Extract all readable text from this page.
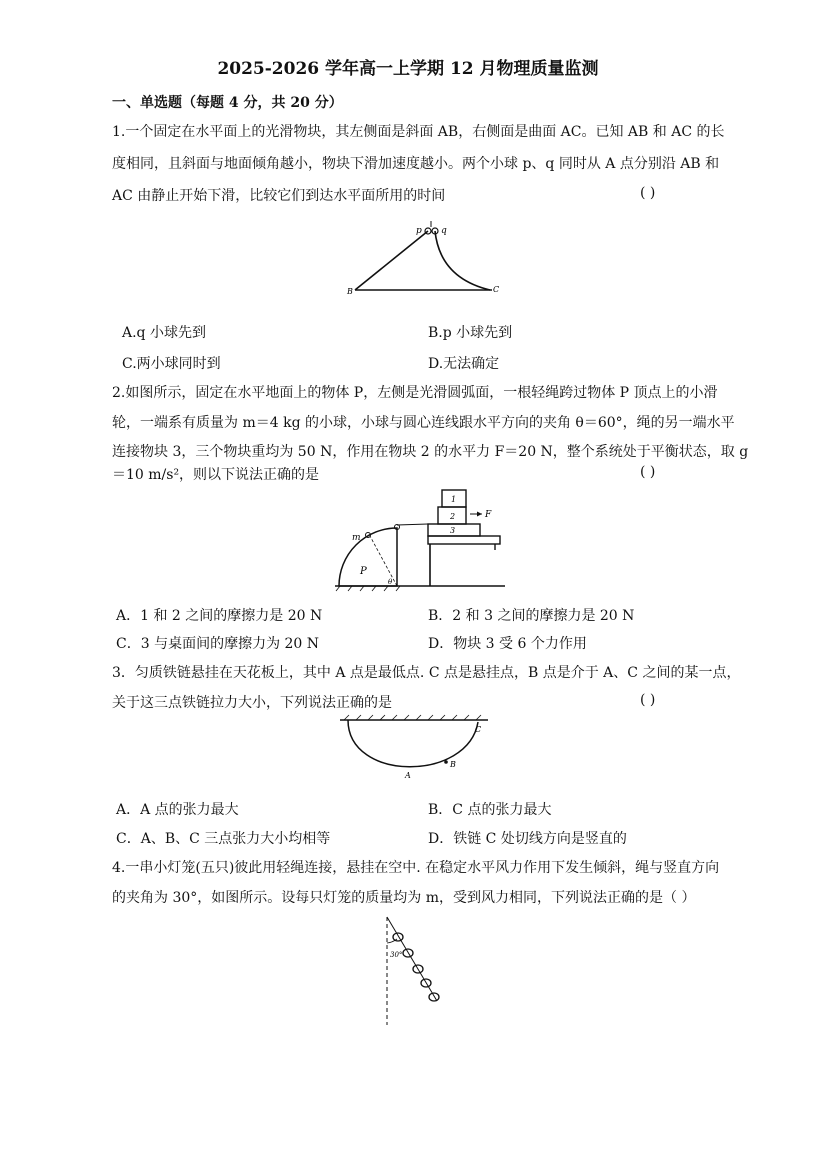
2025-2026 学年高一上学期 12 月物理质量监测
一、单选题（每题 4 分，共 20 分）
1.一个固定在水平面上的光滑物块，其左侧面是斜面 AB，右侧面是曲面 AC。已知 AB 和 AC 的长
度相同，且斜面与地面倾角越小，物块下滑加速度越小。两个小球 p、q 同时从 A 点分别沿 AB 和
AC 由静止开始下滑，比较它们到达水平面所用的时间	( )
p q
B	C
A.q 小球先到	B.p 小球先到
C.两小球同时到	D.无法确定
2.如图所示，固定在水平地面上的物体 P，左侧是光滑圆弧面，一根轻绳跨过物体 P 顶点上的小滑
轮，一端系有质量为 m＝4 kg 的小球，小球与圆心连线跟水平方向的夹角 θ＝60°，绳的另一端水平
连接物块 3，三个物块重均为 50 N，作用在物块 2 的水平力 F＝20 N，整个系统处于平衡状态，取 g
＝10 m/s²，则以下说法正确的是	( )
F
1
2
3
m
P
θ
A．1 和 2 之间的摩擦力是 20 N	B．2 和 3 之间的摩擦力是 20 N
C．3 与桌面间的摩擦力为 20 N	D．物块 3 受 6 个力作用
3．匀质铁链悬挂在天花板上，其中 A 点是最低点. C 点是悬挂点，B 点是介于 A、C 之间的某一点，
关于这三点铁链拉力大小，下列说法正确的是	( )
A
B
C
A．A 点的张力最大	B．C 点的张力最大
C．A、B、C 三点张力大小均相等	D．铁链 C 处切线方向是竖直的
4.一串小灯笼(五只)彼此用轻绳连接，悬挂在空中. 在稳定水平风力作用下发生倾斜，绳与竖直方向
的夹角为 30°，如图所示。设每只灯笼的质量均为 m，受到风力相同，下列说法正确的是（ ）
30°
